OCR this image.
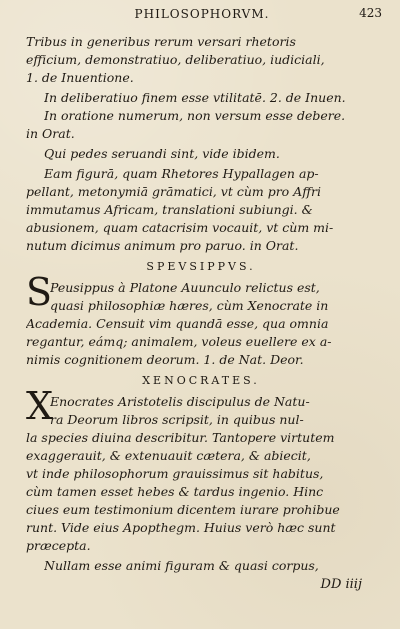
PHILOSOPHORVM.	423
Tribus in generibus rerum versari rhetoris
efficium, demonstratiuo, deliberatiuo, iudiciali,
1. de Inuentione.
In deliberatiuo finem esse vtilitatē. 2. de Inuen.
In oratione numerum, non versum esse debere.
in Orat.
Qui pedes seruandi sint, vide ibidem.
Eam figurā, quam Rhetores Hypallagen ap-
pellant, metonymiā grāmatici, vt cùm pro Affri
immutamus Africam, translationi subiungi. &
abusionem, quam catacrisim vocauit, vt cùm mi-
nutum dicimus animum pro paruo. in Orat.
SPEVSIPPVS.
S
Peusippus à Platone Auunculo relictus est,
quasi philosophiæ hæres, cùm Xenocrate in
Academia. Censuit vim quandā esse, qua omnia
regantur, eámq; animalem, voleus euellere ex a-
nimis cognitionem deorum. 1. de Nat. Deor.
XENOCRATES.
X
Enocrates Aristotelis discipulus de Natu-
ra Deorum libros scripsit, in quibus nul-
la species diuina describitur. Tantopere virtutem
exaggerauit, & extenuauit cætera, & abiecit,
vt inde philosophorum grauissimus sit habitus,
cùm tamen esset hebes & tardus ingenio. Hinc
ciues eum testimonium dicentem iurare prohibue
runt. Vide eius Apopthegm. Huius verò hæc sunt
præcepta.
Nullam esse animi figuram & quasi corpus,
DD iiij
